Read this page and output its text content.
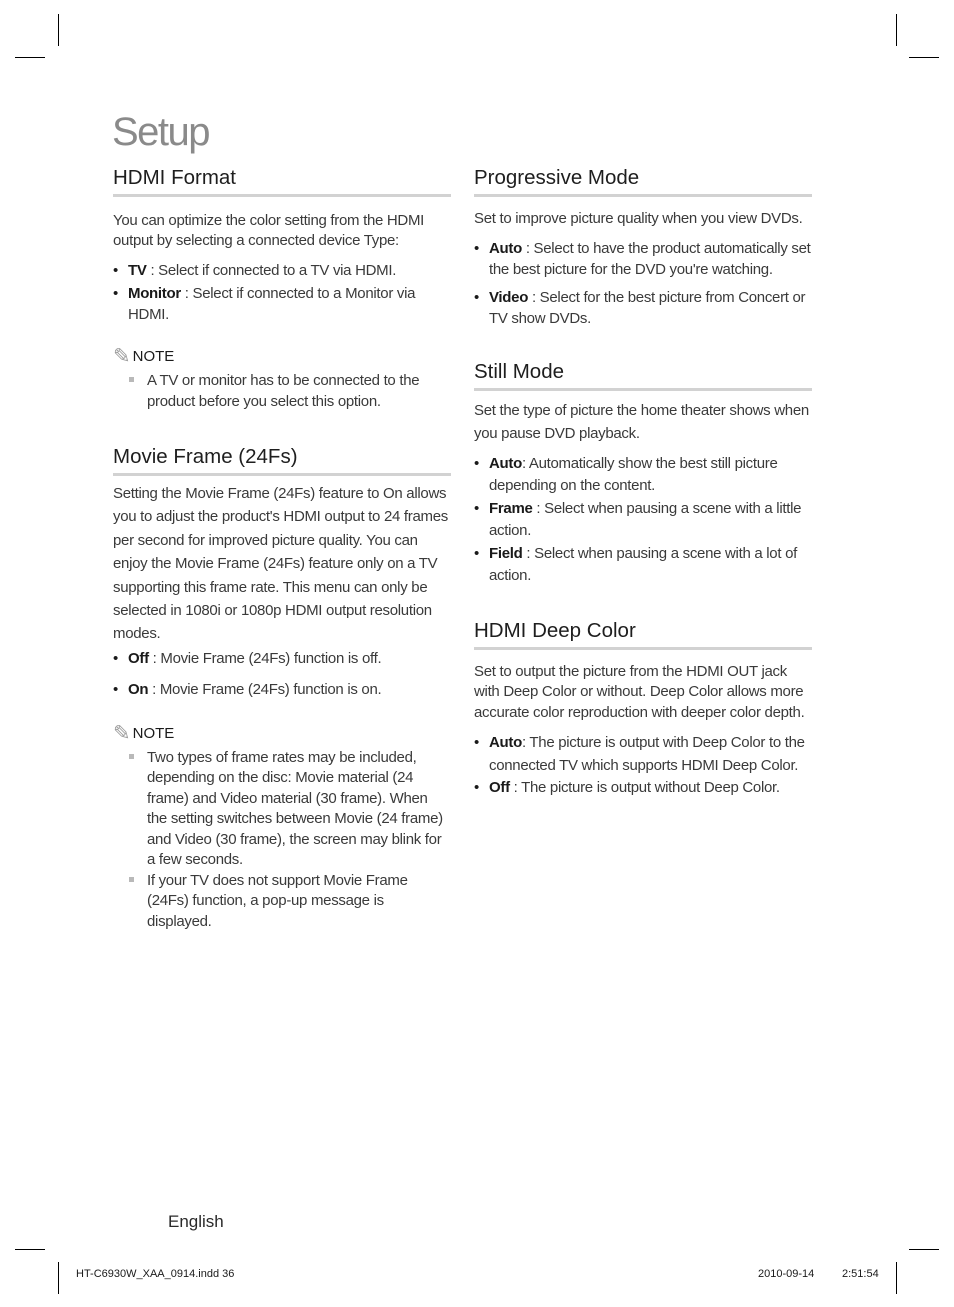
Setup
HDMI Format

You can optimize the color setting from the HDMI output by selecting a connected device Type:

• TV : Select if connected to a TV via HDMI.
• Monitor : Select if connected to a Monitor via HDMI.
✎ NOTE
A TV or monitor has to be connected to the product before you select this option.
Movie Frame (24Fs)

Setting the Movie Frame (24Fs) feature to On allows you to adjust the product's HDMI output to 24 frames per second for improved picture quality. You can enjoy the Movie Frame (24Fs) feature only on a TV supporting this frame rate. This menu can only be selected in 1080i or 1080p HDMI output resolution modes.

• Off : Movie Frame (24Fs) function is off.
• On : Movie Frame (24Fs) function is on.
✎ NOTE
Two types of frame rates may be included, depending on the disc: Movie material (24 frame) and Video material (30 frame). When the setting switches between Movie (24 frame) and Video (30 frame), the screen may blink for a few seconds.
If your TV does not support Movie Frame (24Fs) function, a pop-up message is displayed.
Progressive Mode

Set to improve picture quality when you view DVDs.

• Auto : Select to have the product automatically set the best picture for the DVD you're watching.
• Video : Select for the best picture from Concert or TV show DVDs.
Still Mode

Set the type of picture the home theater shows when you pause DVD playback.

• Auto: Automatically show the best still picture depending on the content.
• Frame : Select when pausing a scene with a little action.
• Field : Select when pausing a scene with a lot of action.
HDMI Deep Color

Set to output the picture from the HDMI OUT jack with Deep Color or without. Deep Color allows more accurate color reproduction with deeper color depth.

• Auto: The picture is output with Deep Color to the connected TV which supports HDMI Deep Color.
• Off : The picture is output without Deep Color.
English
HT-C6930W_XAA_0914.indd 36	2010-09-14	2:51:54
